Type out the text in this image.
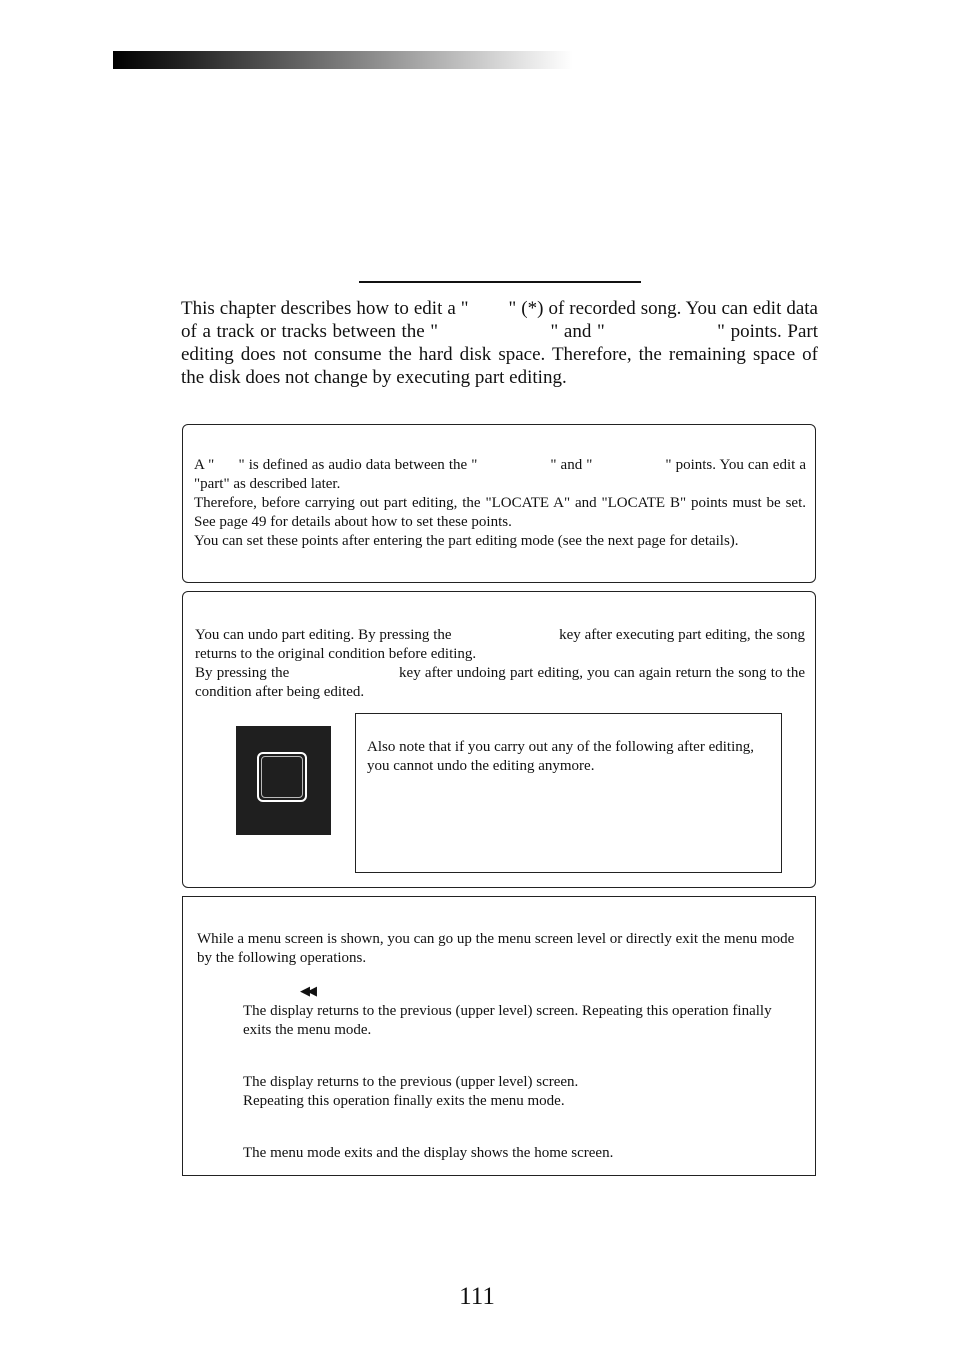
This chapter describes how to edit a "        " (*) of recorded song. You can edit data of a track or tracks between the "                    " and "                    " points. Part editing does not consume the hard disk space. Therefore, the remaining space of the disk does not change by executing part editing.
A "      " is defined as audio data between the "                  " and "                  " points. You can edit a "part" as described later.
Therefore, before carrying out part editing, the "LOCATE A" and "LOCATE B" points must be set. See page 49 for details about how to set these points.
You can set these points after entering the part editing mode (see the next page for details).
You can undo part editing. By pressing the                            key after executing part editing, the song returns to the original condition before editing.
By pressing the                          key after undoing part editing, you can again return the song to the condition after being edited.
Also note that if you carry out any of the following after editing, you cannot undo the editing anymore.
While a menu screen is shown, you can go up the menu screen level or directly exit the menu mode by the following operations.
◀◀
The display returns to the previous (upper level) screen. Repeating this operation finally exits the menu mode.
The display returns to the previous (upper level) screen.
Repeating this operation finally exits the menu mode.
The menu mode exits and the display shows the home screen.
111
